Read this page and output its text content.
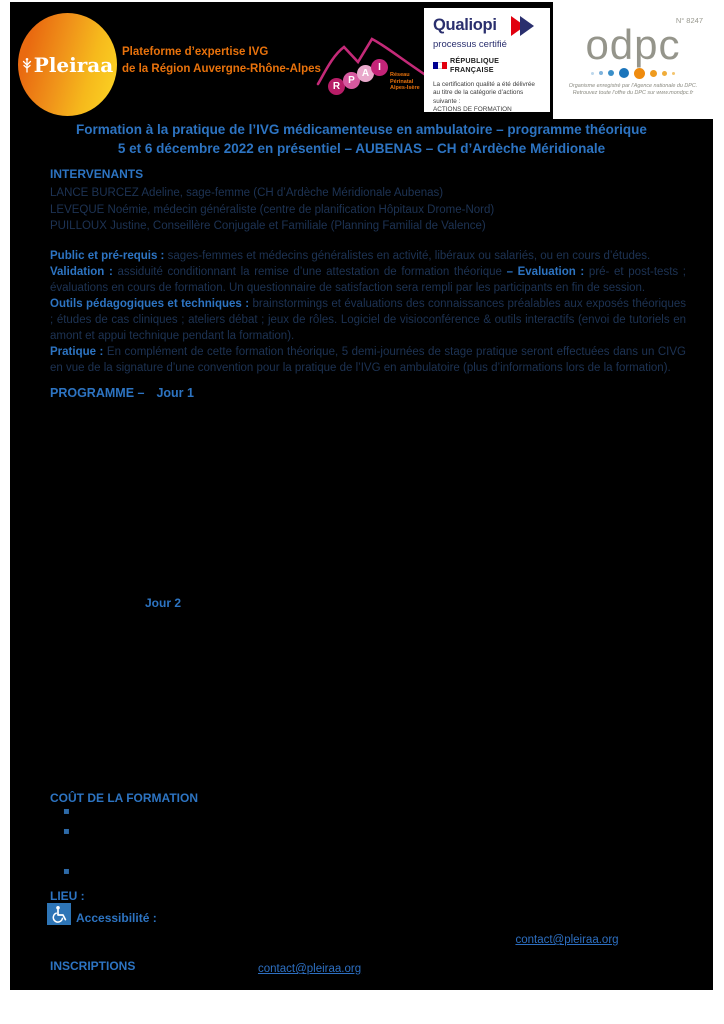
Pleiraa
Plateforme d’expertise IVG
de la Région Auvergne-Rhône-Alpes
R
P
A
I
Réseau
Périnatal
Alpes-Isère
Qualiopi
processus certifié
RÉPUBLIQUE FRANÇAISE
La certification qualité a été délivrée
au titre de la catégorie d’actions suivante :
ACTIONS DE FORMATION
N° 8247
odpc
Organisme enregistré par l’Agence nationale du DPC.
Retrouvez toute l’offre du DPC sur www.mondpc.fr
Formation à la pratique de l’IVG médicamenteuse en ambulatoire – programme théorique
5 et 6 décembre 2022 en présentiel – AUBENAS – CH d’Ardèche Méridionale
INTERVENANTS
LANCE BURCEZ Adeline, sage-femme (CH d’Ardèche Méridionale Aubenas)
LEVEQUE Noémie, médecin généraliste (centre de planification Hôpitaux Drome-Nord)
PUILLOUX Justine, Conseillère Conjugale et Familiale (Planning Familial de Valence)
Public et pré-requis : sages-femmes et médecins généralistes en activité, libéraux ou salariés, ou en cours d’études.
Validation : assiduité conditionnant la remise d’une attestation de formation théorique – Evaluation : pré- et post-tests ; évaluations en cours de formation. Un questionnaire de satisfaction sera rempli par les participants en fin de session.
Outils pédagogiques et techniques : brainstormings et évaluations des connaissances préalables aux exposés théoriques ; études de cas cliniques ; ateliers débat ; jeux de rôles. Logiciel de visioconférence & outils interactifs (envoi de tutoriels en amont et appui technique pendant la formation).
Pratique : En complément de cette formation théorique, 5 demi-journées de stage pratique seront effectuées dans un CIVG en vue de la signature d’une convention pour la pratique de l’IVG en ambulatoire (plus d’informations lors de la formation).
PROGRAMME – Jour 1
Jour 2
COÛT DE LA FORMATION
▪
▪
▪
LIEU :
Accessibilité :
contact@pleiraa.org
INSCRIPTIONS	contact@pleiraa.org
